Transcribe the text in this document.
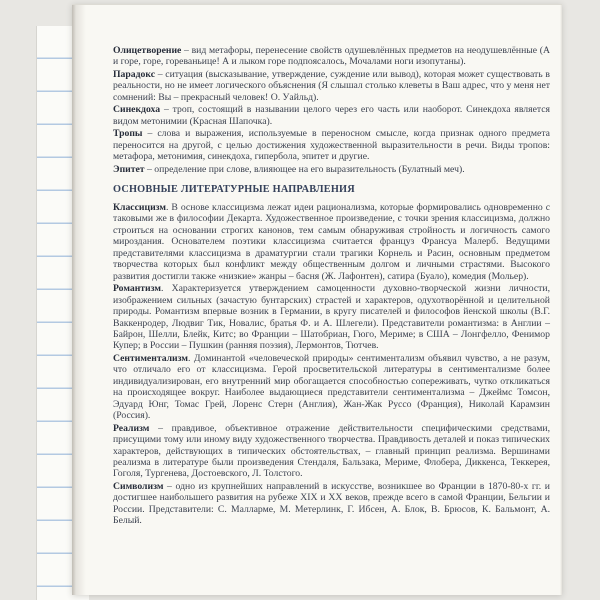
Олицетворение – вид метафоры, перенесение свойств одушевлённых предметов на неодушевлённые (А и горе, горе, гореваньице! А и лыком горе подпоясалось, Мочалами ноги изопутаны).

Парадокс – ситуация (высказывание, утверждение, суждение или вывод), которая может существовать в реальности, но не имеет логического объяснения (Я слышал столько клеветы в Ваш адрес, что у меня нет сомнений: Вы – прекрасный человек! О. Уайльд).

Синекдоха – троп, состоящий в назывании целого через его часть или наоборот. Синекдоха является видом метонимии (Красная Шапочка).

Тропы – слова и выражения, используемые в переносном смысле, когда признак одного предмета переносится на другой, с целью достижения художественной выразительности в речи. Виды тропов: метафора, метонимия, синекдоха, гипербола, эпитет и другие.

Эпитет – определение при слове, влияющее на его выразительность (Булатный меч).

ОСНОВНЫЕ ЛИТЕРАТУРНЫЕ НАПРАВЛЕНИЯ

Классицизм. В основе классицизма лежат идеи рационализма, которые формировались одновременно с таковыми же в философии Декарта. Художественное произведение, с точки зрения классицизма, должно строиться на основании строгих канонов, тем самым обнаруживая стройность и логичность самого мироздания. Основателем поэтики классицизма считается француз Франсуа Малерб. Ведущими представителями классицизма в драматургии стали трагики Корнель и Расин, основным предметом творчества которых был конфликт между общественным долгом и личными страстями. Высокого развития достигли также «низкие» жанры – басня (Ж. Лафонтен), сатира (Буало), комедия (Мольер).

Романтизм. Характеризуется утверждением самоценности духовно-творческой жизни личности, изображением сильных (зачастую бунтарских) страстей и характеров, одухотворённой и целительной природы. Романтизм впервые возник в Германии, в кругу писателей и философов йенской школы (В.Г. Ваккенродер, Людвиг Тик, Новалис, братья Ф. и А. Шлегели). Представители романтизма: в Англии – Байрон, Шелли, Блейк, Китс; во Франции – Шатобриан, Гюго, Мериме; в США – Лонгфелло, Фенимор Купер; в России – Пушкин (ранняя поэзия), Лермонтов, Тютчев.

Сентиментализм. Доминантой «человеческой природы» сентиментализм объявил чувство, а не разум, что отличало его от классицизма. Герой просветительской литературы в сентиментализме более индивидуализирован, его внутренний мир обогащается способностью сопереживать, чутко откликаться на происходящее вокруг. Наиболее выдающиеся представители сентиментализма – Джеймс Томсон, Эдуард Юнг, Томас Грей, Лоренс Стерн (Англия), Жан-Жак Руссо (Франция), Николай Карамзин (Россия).

Реализм – правдивое, объективное отражение действительности специфическими средствами, присущими тому или иному виду художественного творчества. Правдивость деталей и показ типических характеров, действующих в типических обстоятельствах, – главный принцип реализма. Вершинами реализма в литературе были произведения Стендаля, Бальзака, Мериме, Флобера, Диккенса, Теккерея, Гоголя, Тургенева, Достоевского, Л. Толстого.

Символизм – одно из крупнейших направлений в искусстве, возникшее во Франции в 1870-80-х гг. и достигшее наибольшего развития на рубеже XIX и XX веков, прежде всего в самой Франции, Бельгии и России. Представители: С. Малларме, М. Метерлинк, Г. Ибсен, А. Блок, В. Брюсов, К. Бальмонт, А. Белый.
